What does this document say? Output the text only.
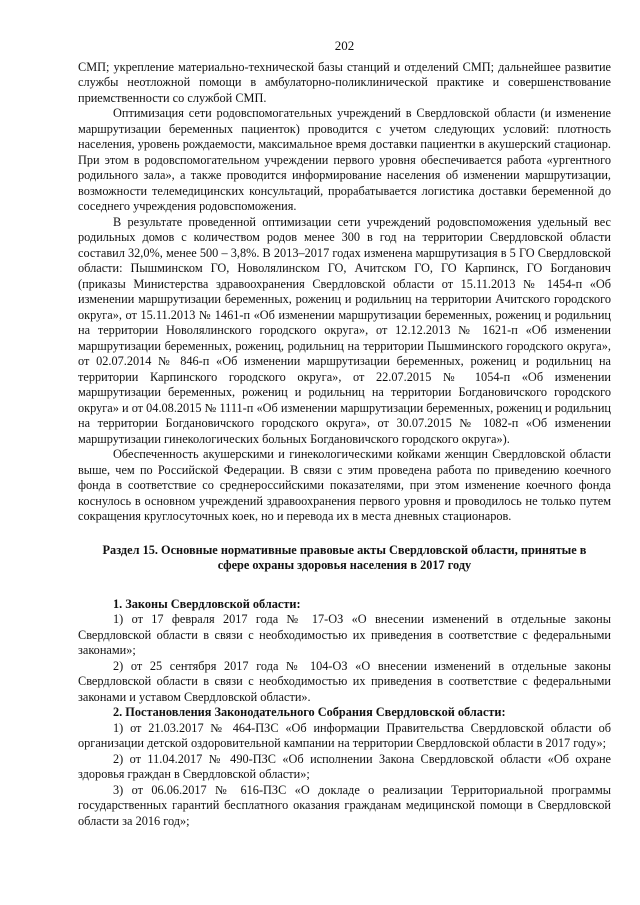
202

СМП; укрепление материально-технической базы станций и отделений СМП; дальнейшее развитие службы неотложной помощи в амбулаторно-поликлинической практике и совершенствование приемственности со службой СМП.

Оптимизация сети родовспомогательных учреждений в Свердловской области (и изменение маршрутизации беременных пациенток) проводится с учетом следующих условий: плотность населения, уровень рождаемости, максимальное время доставки пациентки в акушерский стационар. При этом в родовспомогательном учреждении первого уровня обеспечивается работа «ургентного родильного зала», а также проводится информирование населения об изменении маршрутизации, возможности телемедицинских консультаций, прорабатывается логистика доставки беременной до соседнего учреждения родовспоможения.

В результате проведенной оптимизации сети учреждений родовспоможения удельный вес родильных домов с количеством родов менее 300 в год на территории Свердловской области составил 32,0%, менее 500 – 3,8%. В 2013–2017 годах изменена маршрутизация в 5 ГО Свердловской области: Пышминском ГО, Новолялинском ГО, Ачитском ГО, ГО Карпинск, ГО Богданович (приказы Министерства здравоохранения Свердловской области от 15.11.2013 № 1454-п «Об изменении маршрутизации беременных, рожениц и родильниц на территории Ачитского городского округа», от 15.11.2013 № 1461-п «Об изменении маршрутизации беременных, рожениц и родильниц на территории Новолялинского городского округа», от 12.12.2013 № 1621-п «Об изменении маршрутизации беременных, рожениц, родильниц на территории Пышминского городского округа», от 02.07.2014 № 846-п «Об изменении маршрутизации беременных, рожениц и родильниц на территории Карпинского городского округа», от 22.07.2015 № 1054-п «Об изменении маршрутизации беременных, рожениц и родильниц на территории Богдановичского городского округа» и от 04.08.2015 № 1111-п «Об изменении маршрутизации беременных, рожениц и родильниц на территории Богдановичского городского округа», от 30.07.2015 № 1082-п «Об изменении маршрутизации гинекологических больных Богдановичского городского округа»).

Обеспеченность акушерскими и гинекологическими койками женщин Свердловской области выше, чем по Российской Федерации. В связи с этим проведена работа по приведению коечного фонда в соответствие со среднероссийскими показателями, при этом изменение коечного фонда коснулось в основном учреждений здравоохранения первого уровня и проводилось не только путем сокращения круглосуточных коек, но и перевода их в места дневных стационаров.

Раздел 15. Основные нормативные правовые акты Свердловской области, принятые в сфере охраны здоровья населения в 2017 году

1. Законы Свердловской области:

1) от 17 февраля 2017 года № 17-ОЗ «О внесении изменений в отдельные законы Свердловской области в связи с необходимостью их приведения в соответствие с федеральными законами»;

2) от 25 сентября 2017 года № 104-ОЗ «О внесении изменений в отдельные законы Свердловской области в связи с необходимостью их приведения в соответствие с федеральными законами и уставом Свердловской области».

2. Постановления Законодательного Собрания Свердловской области:

1) от 21.03.2017 № 464-ПЗС «Об информации Правительства Свердловской области об организации детской оздоровительной кампании на территории Свердловской области в 2017 году»;

2) от 11.04.2017 № 490-ПЗС «Об исполнении Закона Свердловской области «Об охране здоровья граждан в Свердловской области»;

3) от 06.06.2017 № 616-ПЗС «О докладе о реализации Территориальной программы государственных гарантий бесплатного оказания гражданам медицинской помощи в Свердловской области за 2016 год»;
